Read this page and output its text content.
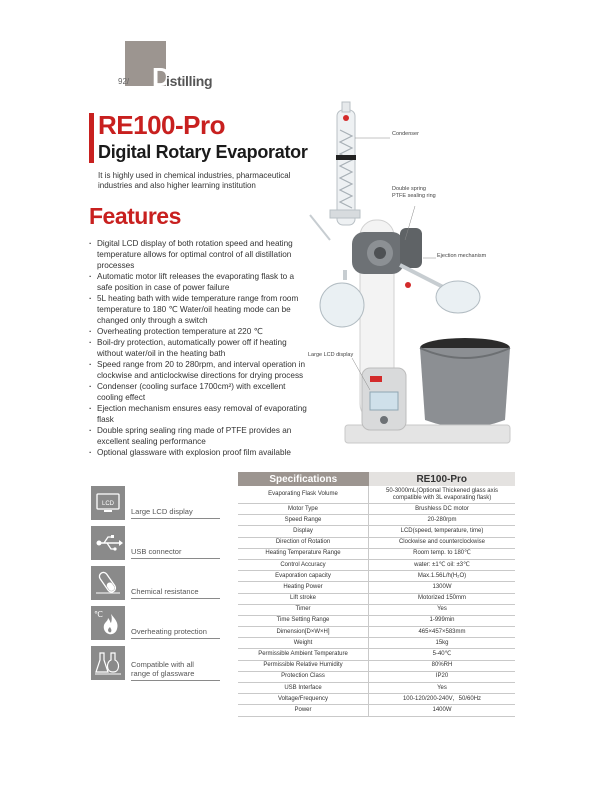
92/ D
istilling
RE100-Pro
Digital Rotary Evaporator
It is highly used in chemical industries, pharmaceutical industries and also higher learning institution
Features
· Digital LCD display of both rotation speed and heating temperature allows for optimal control of all distillation processes
· Automatic motor lift releases the evaporating flask to a safe position in case of power failure
· 5L heating bath with wide temperature range from room temperature to 180 ℃ Water/oil heating mode can be changed only through a switch
· Overheating protection temperature at 220 ℃
· Boil-dry protection, automatically power off if heating without water/oil in the heating bath
· Speed range from 20 to 280rpm, and interval operation in clockwise and anticlockwise directions for drying process
· Condenser (cooling surface 1700cm²) with excellent cooling effect
· Ejection mechanism ensures easy removal of evaporating flask
· Double spring sealing ring made of PTFE provides an excellent sealing performance
· Optional glassware with explosion proof film available
Condenser
Double spring
PTFE sealing ring
Ejection mechanism
Large LCD display
LCD
Large LCD display
USB connector
Chemical resistance
℃
Overheating protection
Compatible with all
range of glassware
Specifications	RE100-Pro
Evaporating Flask Volume	50-3000mL(Optional Thickened glass axis compatible with 3L evaporating flask)
Motor Type	Brushless DC motor
Speed Range	20-280rpm
Display	LCD(speed, temperature, time)
Direction of Rotation	Clockwise and counterclockwise
Heating Temperature Range	Room temp. to 180℃
Control Accuracy	water: ±1℃ oil: ±3℃
Evaporation capacity	Max.1.56L/h(H₂O)
Heating Power	1300W
Lift stroke	Motorized 150mm
Timer	Yes
Time Setting Range	1-999min
Dimension[D×W×H]	465×457×583mm
Weight	15kg
Permissible Ambient Temperature	5-40℃
Permissible Relative Humidity	80%RH
Protection Class	IP20
USB Interface	Yes
Voltage/Frequency	100-120/200-240V，50/60Hz
Power	1400W
